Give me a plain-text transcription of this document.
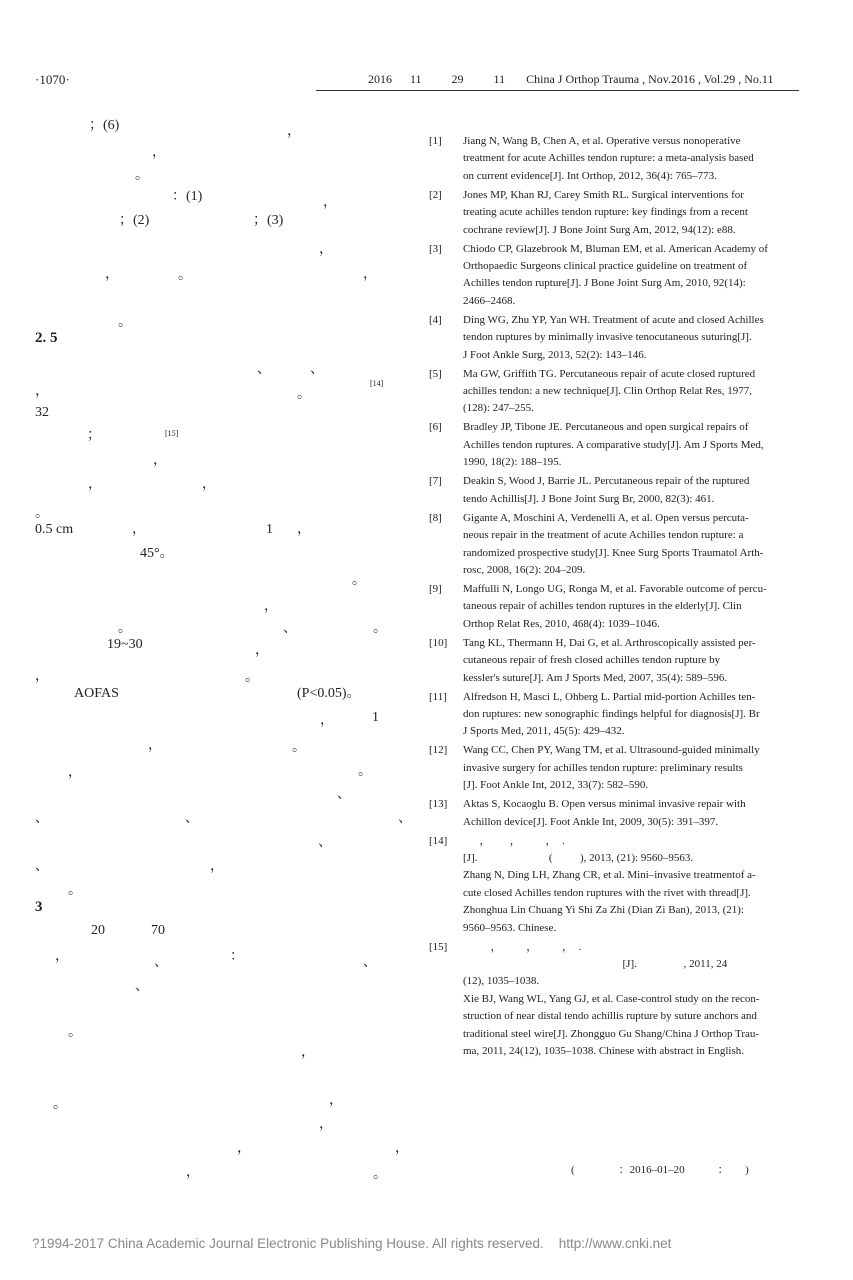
·1070·	2016      11          29          11       China J Orthop Trauma , Nov.2016 , Vol.29 , No.11
；(6)	，
，
。
：(1)	，
；(2)	；(3)
，
，	。	，
。
2. 5
、	、
，	。
[14]
32
；	[15]
，
，	，
。
0.5 cm	，	1 ，
45°。
。
，
。	、	。
19~30	，
，	。
AOFAS	(P<0.05)。
，	1
，	。
，	。
、
、	、	、
、
、	，
。
3
20	70
，	：
、	、
、
。
，
，
。
，
，	，
，	。
[1] Jiang N, Wang B, Chen A, et al. Operative versus nonoperative
treatment for acute Achilles tendon rupture: a meta-analysis based
on current evidence[J]. Int Orthop, 2012, 36(4): 765–773.
[2] Jones MP, Khan RJ, Carey Smith RL. Surgical interventions for
treating acute achilles tendon rupture: key findings from a recent
cochrane review[J]. J Bone Joint Surg Am, 2012, 94(12): e88.
[3] Chiodo CP, Glazebrook M, Bluman EM, et al. American Academy of
Orthopaedic Surgeons clinical practice guideline on treatment of
Achilles tendon rupture[J]. J Bone Joint Surg Am, 2010, 92(14):
2466–2468.
[4] Ding WG, Zhu YP, Yan WH. Treatment of acute and closed Achilles
tendon ruptures by minimally invasive tenocutaneous suturing[J].
J Foot Ankle Surg, 2013, 52(2): 143–146.
[5] Ma GW, Griffith TG. Percutaneous repair of acute closed ruptured
achilles tendon: a new technique[J]. Clin Orthop Relat Res, 1977,
(128): 247–255.
[6] Bradley JP, Tibone JE. Percutaneous and open surgical repairs of
Achilles tendon ruptures. A comparative study[J]. Am J Sports Med,
1990, 18(2): 188–195.
[7] Deakin S, Wood J, Barrie JL. Percutaneous repair of the ruptured
tendo Achillis[J]. J Bone Joint Surg Br, 2000, 82(3): 461.
[8] Gigante A, Moschini A, Verdenelli A, et al. Open versus percuta-
neous repair in the treatment of acute Achilles tendon rupture: a
randomized prospective study[J]. Knee Surg Sports Traumatol Arth-
rosc, 2008, 16(2): 204–209.
[9] Maffulli N, Longo UG, Ronga M, et al. Favorable outcome of percu-
taneous repair of achilles tendon ruptures in the elderly[J]. Clin
Orthop Relat Res, 2010, 468(4): 1039–1046.
[10] Tang KL, Thermann H, Dai G, et al. Arthroscopically assisted per-
cutaneous repair of fresh closed achilles tendon rupture by
kessler's suture[J]. Am J Sports Med, 2007, 35(4): 589–596.
[11] Alfredson H, Masci L, Ohberg L. Partial mid-portion Achilles ten-
don ruptures: new sonographic findings helpful for diagnosis[J]. Br
J Sports Med, 2011, 45(5): 429–432.
[12] Wang CC, Chen PY, Wang TM, et al. Ultrasound-guided minimally
invasive surgery for achilles tendon rupture: preliminary results
[J]. Foot Ankle Int, 2012, 33(7): 582–590.
[13] Aktas S, Kocaoglu B. Open versus minimal invasive repair with
Achillon device[J]. Foot Ankle Int, 2009, 30(5): 391–397.
[14] ，       ，         ，  .
[J].                          (          ), 2013, (21): 9560–9563.
Zhang N, Ding LH, Zhang CR, et al. Mini–invasive treatmentof a-
cute closed Achilles tendon ruptures with the rivet with thread[J].
Zhonghua Lin Chuang Yi Shi Za Zhi (Dian Zi Ban), 2013, (21):
9560–9563. Chinese.
[15] ，         ，         ，  .
[J].                 , 2011, 24
(12), 1035–1038.
Xie BJ, Wang WL, Yang GJ, et al. Case-control study on the recon-
struction of near distal tendo achillis rupture by suture anchors and
traditional steel wire[J]. Zhongguo Gu Shang/China J Orthop Trau-
ma, 2011, 24(12), 1035–1038. Chinese with abstract in English.
(                ：2016–01–20            ：      )
?1994-2017 China Academic Journal Electronic Publishing House. All rights reserved.    http://www.cnki.net
